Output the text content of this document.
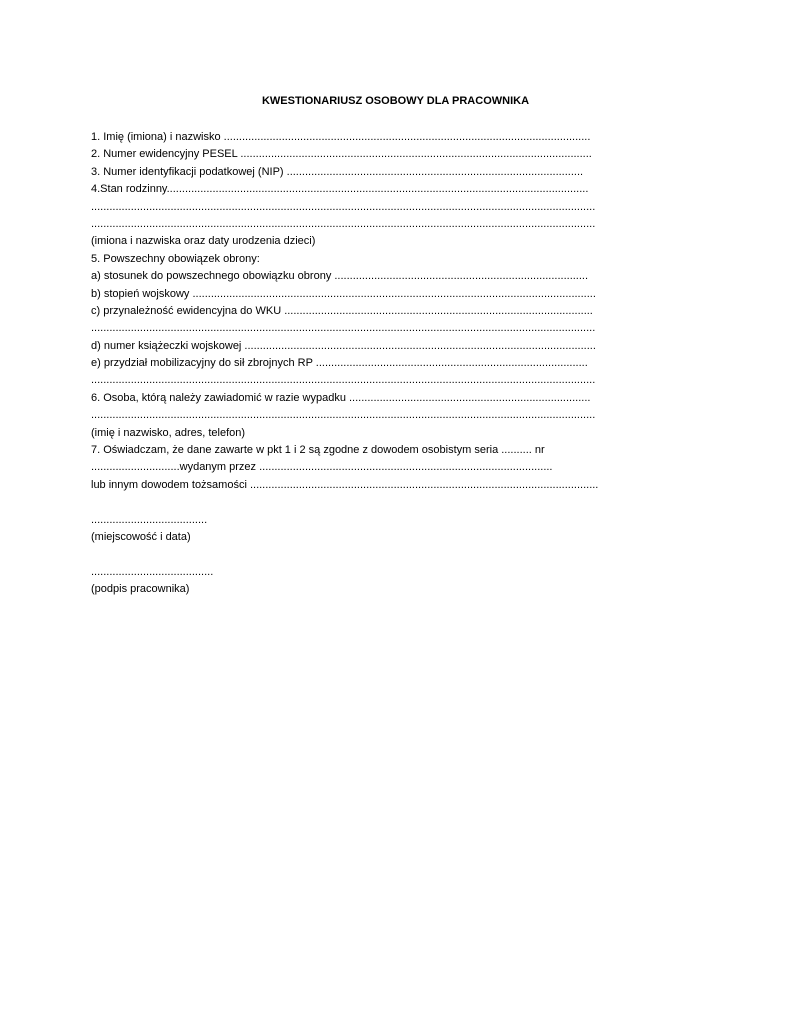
KWESTIONARIUSZ OSOBOWY DLA PRACOWNIKA
1. Imię (imiona) i nazwisko ........................................................................................................................
2. Numer ewidencyjny PESEL ...................................................................................................................
3. Numer identyfikacji podatkowej (NIP) .................................................................................................
4.Stan rodzinny..........................................................................................................................................
.....................................................................................................................................................................
.....................................................................................................................................................................
(imiona i nazwiska oraz daty urodzenia dzieci)
5. Powszechny obowiązek obrony:
a) stosunek do powszechnego obowiązku obrony ...................................................................................
b) stopień wojskowy ....................................................................................................................................
c) przynależność ewidencyjna do WKU .....................................................................................................
.....................................................................................................................................................................
d) numer książeczki wojskowej ...................................................................................................................
e) przydział mobilizacyjny do sił zbrojnych RP .........................................................................................
.....................................................................................................................................................................
6. Osoba, którą należy zawiadomić w razie wypadku ...............................................................................
.....................................................................................................................................................................
(imię i nazwisko, adres, telefon)
7. Oświadczam, że dane zawarte w pkt 1 i 2 są zgodne z dowodem osobistym seria .......... nr
.............................wydanym przez ................................................................................................
lub innym dowodem tożsamości ..................................................................................................................
......................................
(miejscowość i data)
........................................
(podpis pracownika)
